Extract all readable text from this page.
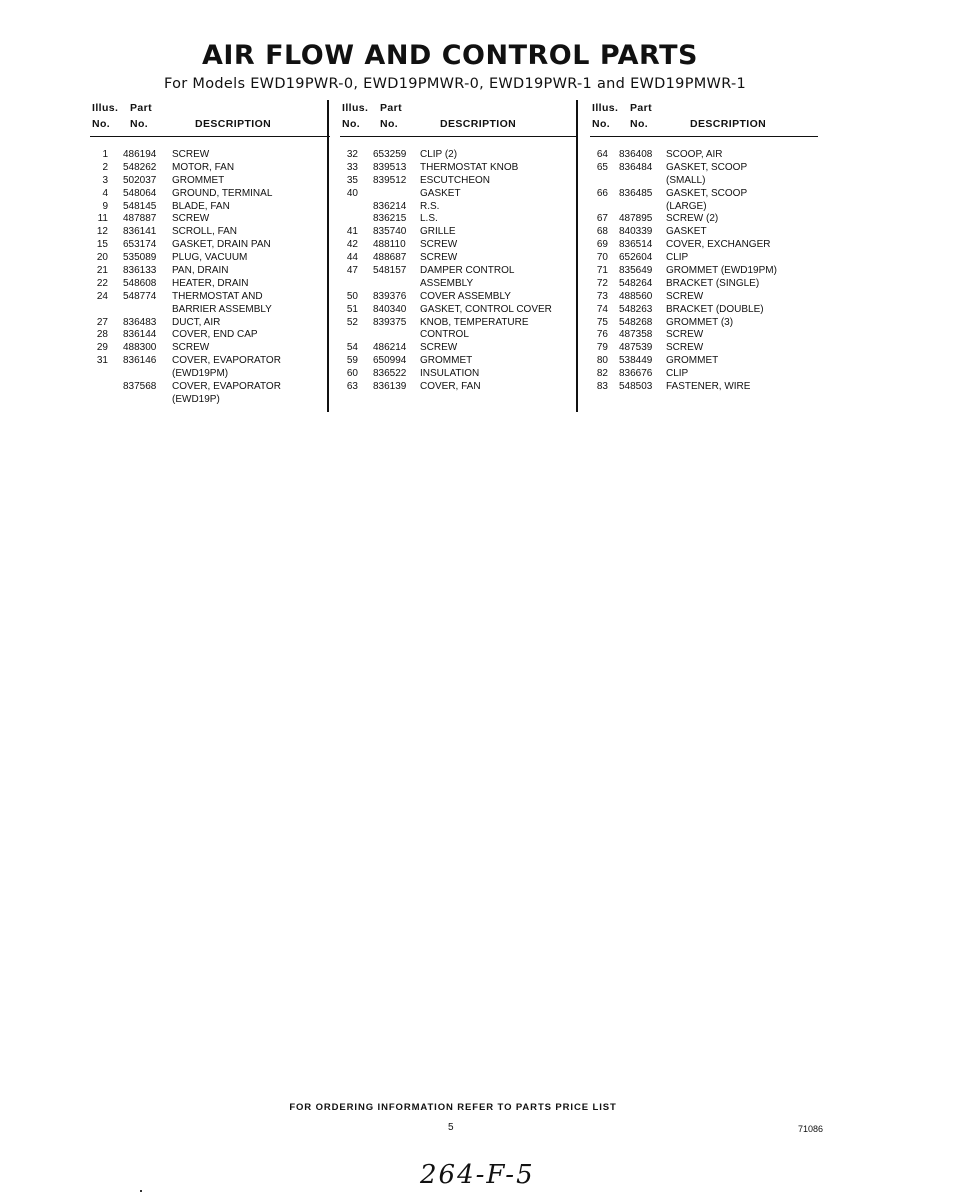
AIR FLOW AND CONTROL PARTS
For Models EWD19PWR-0, EWD19PMWR-0, EWD19PWR-1 and EWD19PMWR-1
Illus. Part
No. No.	DESCRIPTION
1 486194 SCREW
2 548262 MOTOR, FAN
3 502037 GROMMET
4 548064 GROUND, TERMINAL
9 548145 BLADE, FAN
11 487887 SCREW
12 836141 SCROLL, FAN
15 653174 GASKET, DRAIN PAN
20 535089 PLUG, VACUUM
21 836133 PAN, DRAIN
22 548608 HEATER, DRAIN
24 548774 THERMOSTAT AND
BARRIER ASSEMBLY
27 836483 DUCT, AIR
28 836144 COVER, END CAP
29 488300 SCREW
31 836146 COVER, EVAPORATOR
(EWD19PM)
837568 COVER, EVAPORATOR
(EWD19P)
Illus. Part
No. No.	DESCRIPTION
32 653259 CLIP (2)
33 839513 THERMOSTAT KNOB
35 839512 ESCUTCHEON
40	GASKET
836214 R.S.
836215 L.S.
41 835740 GRILLE
42 488110 SCREW
44 488687 SCREW
47 548157 DAMPER CONTROL
ASSEMBLY
50 839376 COVER ASSEMBLY
51 840340 GASKET, CONTROL COVER
52 839375 KNOB, TEMPERATURE
CONTROL
54 486214 SCREW
59 650994 GROMMET
60 836522 INSULATION
63 836139 COVER, FAN
Illus. Part
No. No.	DESCRIPTION
64 836408 SCOOP, AIR
65 836484 GASKET, SCOOP
(SMALL)
66 836485 GASKET, SCOOP
(LARGE)
67 487895 SCREW (2)
68 840339 GASKET
69 836514 COVER, EXCHANGER
70 652604 CLIP
71 835649 GROMMET (EWD19PM)
72 548264 BRACKET (SINGLE)
73 488560 SCREW
74 548263 BRACKET (DOUBLE)
75 548268 GROMMET (3)
76 487358 SCREW
79 487539 SCREW
80 538449 GROMMET
82 836676 CLIP
83 548503 FASTENER, WIRE
FOR ORDERING INFORMATION REFER TO PARTS PRICE LIST
5	71086
264-F-5
